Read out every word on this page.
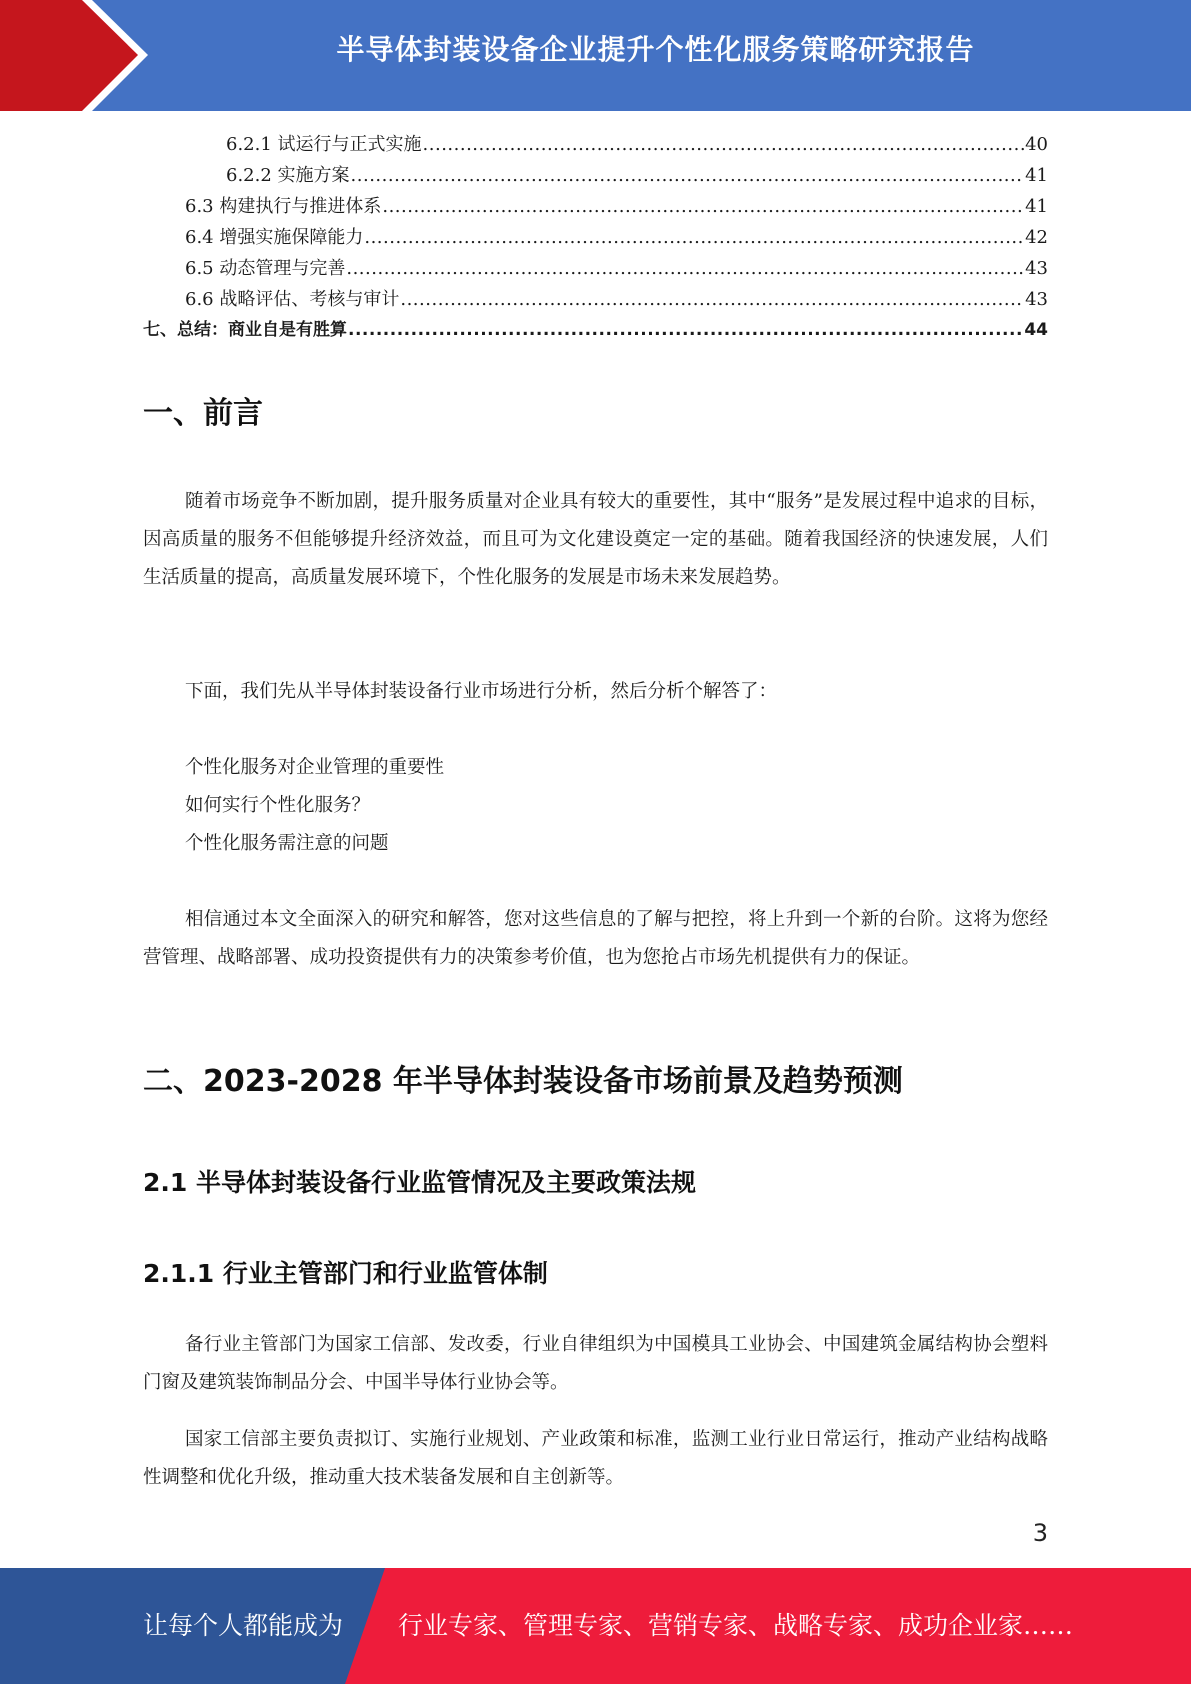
半导体封装设备企业提升个性化服务策略研究报告
6.2.1 试运行与正式实施 .....	40
6.2.2 实施方案 .....	41
6.3 构建执行与推进体系 .....	41
6.4 增强实施保障能力 .....	42
6.5 动态管理与完善 .....	43
6.6 战略评估、考核与审计 .....	43
七、总结：商业自是有胜算 .....	44
一、前言

随着市场竞争不断加剧，提升服务质量对企业具有较大的重要性，其中“服务”是发展过程中追求的目标，因高质量的服务不但能够提升经济效益，而且可为文化建设奠定一定的基础。随着我国经济的快速发展，人们生活质量的提高，高质量发展环境下，个性化服务的发展是市场未来发展趋势。

下面，我们先从半导体封装设备行业市场进行分析，然后分析个解答了：

个性化服务对企业管理的重要性
如何实行个性化服务？
个性化服务需注意的问题

相信通过本文全面深入的研究和解答，您对这些信息的了解与把控，将上升到一个新的台阶。这将为您经营管理、战略部署、成功投资提供有力的决策参考价值，也为您抢占市场先机提供有力的保证。

二、2023-2028 年半导体封装设备市场前景及趋势预测
2.1 半导体封装设备行业监管情况及主要政策法规
2.1.1 行业主管部门和行业监管体制

备行业主管部门为国家工信部、发改委，行业自律组织为中国模具工业协会、中国建筑金属结构协会塑料门窗及建筑装饰制品分会、中国半导体行业协会等。

国家工信部主要负责拟订、实施行业规划、产业政策和标准，监测工业行业日常运行，推动产业结构战略性调整和优化升级，推动重大技术装备发展和自主创新等。

3
让每个人都能成为 行业专家、管理专家、营销专家、战略专家、成功企业家……
